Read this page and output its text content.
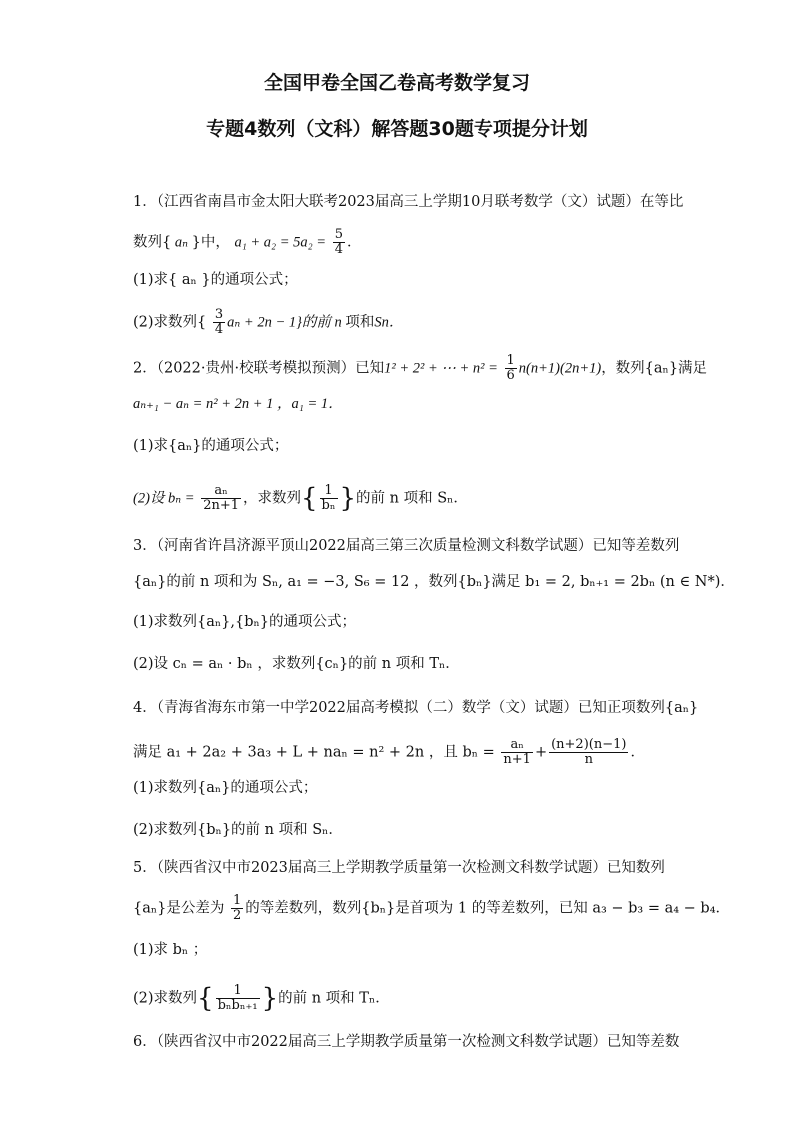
全国甲卷全国乙卷高考数学复习
专题4数列（文科）解答题30题专项提分计划
1．（江西省南昌市金太阳大联考2023届高三上学期10月联考数学（文）试题）在等比
数列{ aₙ }中， $a_1 + a_2 = 5a_2 = \frac{5}{4}$ ．
(1)求{ aₙ }的通项公式；
(2)求数列{ $\frac{3}{4}$ aₙ + 2n − 1}的前 n 项和Sn．
2．（2022·贵州·校联考模拟预测）已知1² + 2² + ⋯ + $n^2 = \frac{1}{6} n(n+1)(2n+1)$，数列{aₙ}满足
aₙ₊₁ − aₙ = n² + 2n + 1 ，a₁ = 1．
(1)求{aₙ}的通项公式；
(2)设 $b_n = \frac{\text{aₙ}}{2n+1}$ ，求数列{ $\frac{1}{\text{bₙ}}$ }的前 n 项和 Sₙ．
3．（河南省许昌济源平顶山2022届高三第三次质量检测文科数学试题）已知等差数列
{aₙ}的前 n 项和为 Sₙ, a₁ = −3, S₆ = 12 ，数列{bₙ}满足 b₁ = 2, bₙ₊₁ = 2bₙ (n ∈ N*)．
(1)求数列{aₙ},{bₙ}的通项公式；
(2)设 cₙ = aₙ · bₙ ，求数列{cₙ}的前 n 项和 Tₙ．
4．（青海省海东市第一中学2022届高考模拟（二）数学（文）试题）已知正项数列{aₙ}
满足 a₁ + 2a₂ + 3a₃ + L + naₙ = n² + 2n ，且 $b_n = \frac{\text{aₙ}}{n+1} + \frac{(n+2)(n-1)}{n}$ ．
(1)求数列{aₙ}的通项公式；
(2)求数列{bₙ}的前 n 项和 Sₙ．
5．（陕西省汉中市2023届高三上学期教学质量第一次检测文科数学试题）已知数列
{aₙ}是公差为 $\frac{1}{2}$ 的等差数列，数列{bₙ}是首项为 1 的等差数列，已知 a₃ − b₃ = a₄ − b₄．
(1)求 bₙ ；
(2)求数列{ $\frac{1}{\text{bₙbₙ₊₁}}$ }的前 n 项和 Tₙ．
6．（陕西省汉中市2022届高三上学期教学质量第一次检测文科数学试题）已知等差数
